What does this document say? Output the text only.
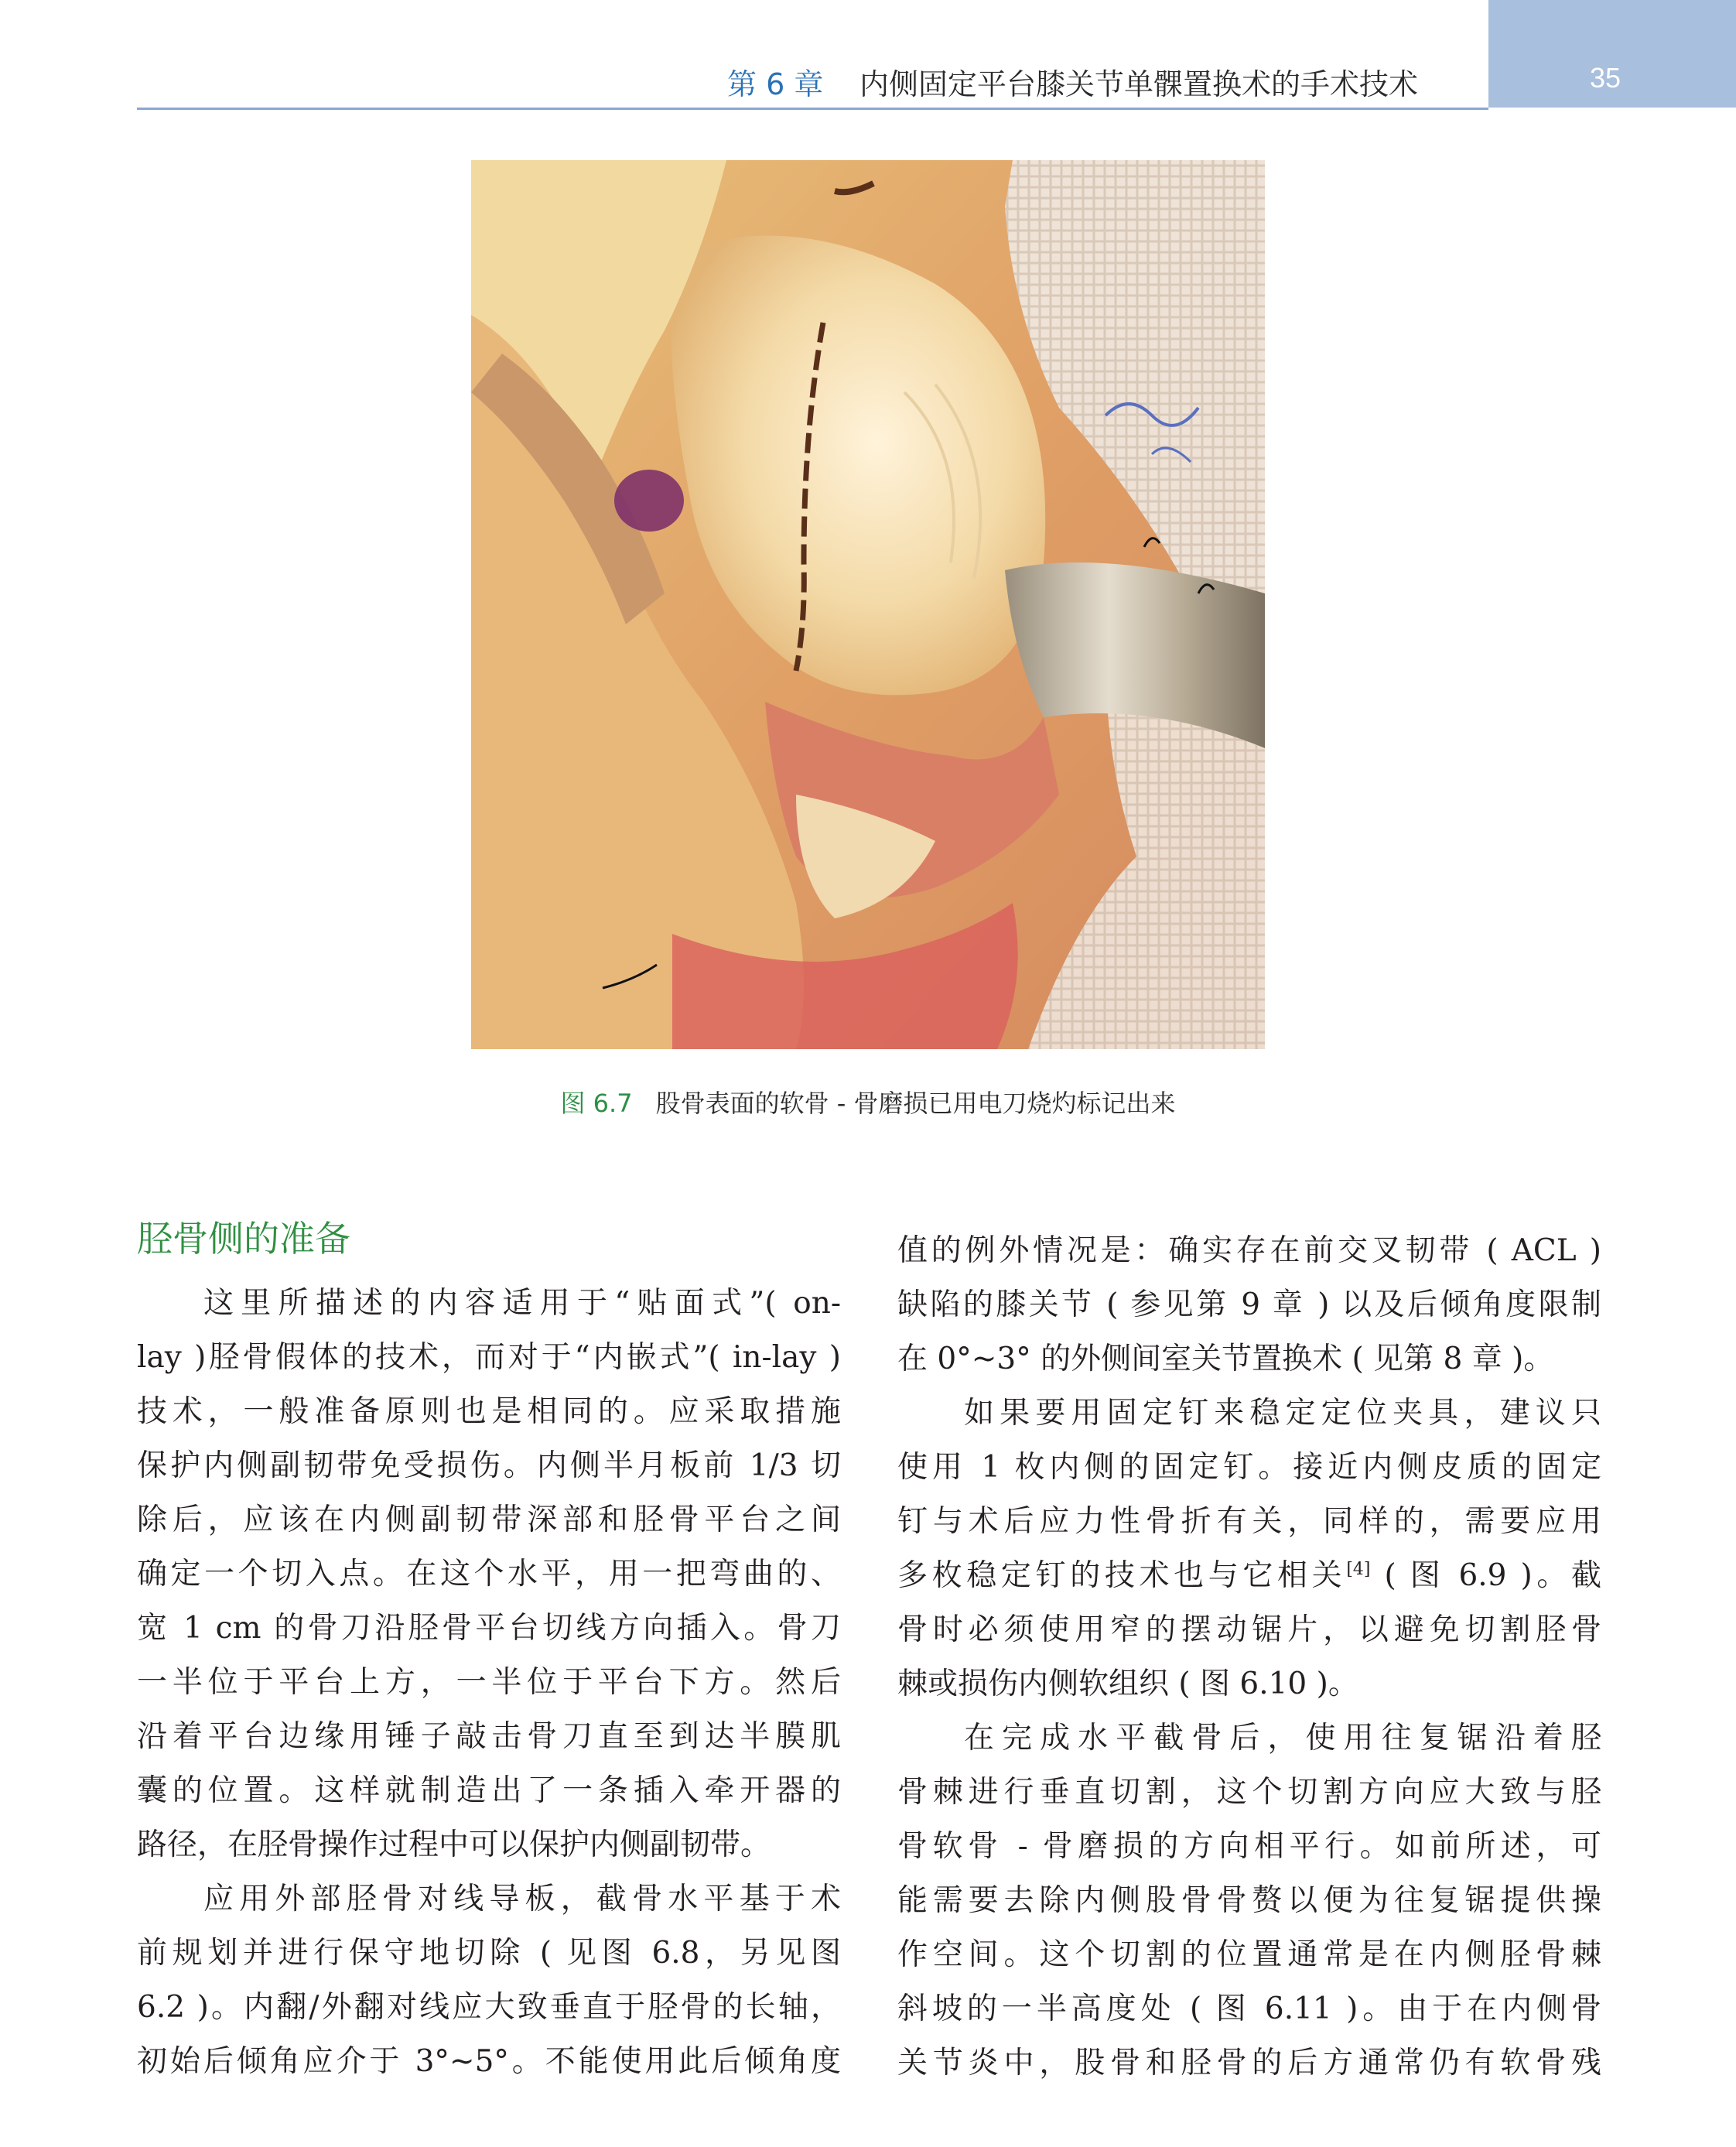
35
第 6 章 内侧固定平台膝关节单髁置换术的手术技术
图 6.7 股骨表面的软骨 - 骨磨损已用电刀烧灼标记出来
胫骨侧的准备
这里所描述的内容适用于“贴面式”( on-
lay )胫骨假体的技术，而对于“内嵌式”( in-lay )
技术，一般准备原则也是相同的。应采取措施
保护内侧副韧带免受损伤。内侧半月板前 1/3 切
除后，应该在内侧副韧带深部和胫骨平台之间
确定一个切入点。在这个水平，用一把弯曲的、
宽 1 cm 的骨刀沿胫骨平台切线方向插入。骨刀
一半位于平台上方，一半位于平台下方。然后
沿着平台边缘用锤子敲击骨刀直至到达半膜肌
囊的位置。这样就制造出了一条插入牵开器的
路径，在胫骨操作过程中可以保护内侧副韧带。
应用外部胫骨对线导板，截骨水平基于术
前规划并进行保守地切除 ( 见图 6.8，另见图
6.2 )。内翻/外翻对线应大致垂直于胫骨的长轴，
初始后倾角应介于 3°~5°。不能使用此后倾角度
值的例外情况是：确实存在前交叉韧带 ( ACL )
缺陷的膝关节 ( 参见第 9 章 ) 以及后倾角度限制
在 0°~3° 的外侧间室关节置换术 ( 见第 8 章 )。
如果要用固定钉来稳定定位夹具，建议只
使用 1 枚内侧的固定钉。接近内侧皮质的固定
钉与术后应力性骨折有关，同样的，需要应用
多枚稳定钉的技术也与它相关[4] ( 图 6.9 )。截
骨时必须使用窄的摆动锯片，以避免切割胫骨
棘或损伤内侧软组织 ( 图 6.10 )。
在完成水平截骨后，使用往复锯沿着胫
骨棘进行垂直切割，这个切割方向应大致与胫
骨软骨 - 骨磨损的方向相平行。如前所述，可
能需要去除内侧股骨骨赘以便为往复锯提供操
作空间。这个切割的位置通常是在内侧胫骨棘
斜坡的一半高度处 ( 图 6.11 )。由于在内侧骨
关节炎中，股骨和胫骨的后方通常仍有软骨残
